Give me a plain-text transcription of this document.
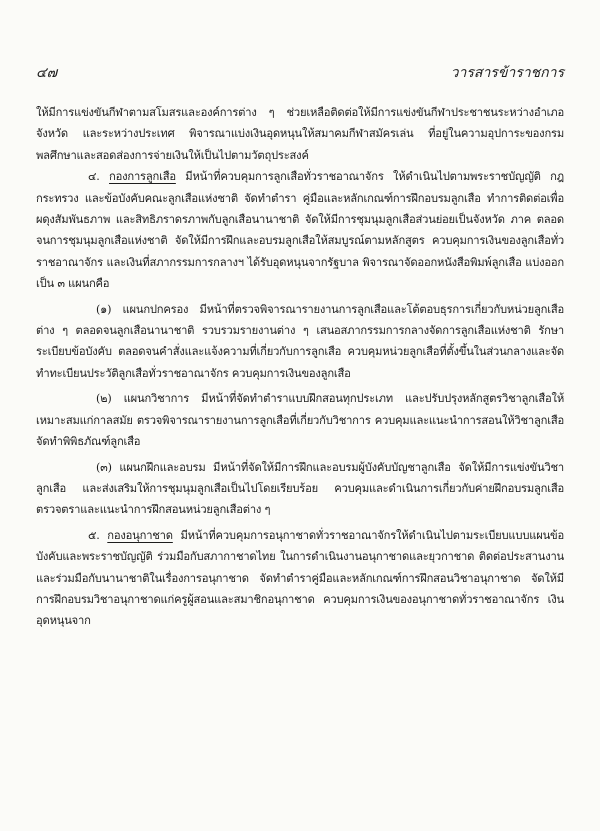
๔๗	วารสารข้าราชการ

ให้มีการแข่งขันกีฬาตามสโมสรและองค์การต่าง ๆ ช่วยเหลือติดต่อให้มีการแข่งขันกีฬาประชาชนระหว่างอำเภอ จังหวัด และระหว่างประเทศ พิจารณาแบ่งเงินอุดหนุนให้สมาคมกีฬาสมัครเล่น ที่อยู่ในความอุปการะของกรมพลศึกษาและสอดส่องการจ่ายเงินให้เป็นไปตามวัตถุประสงค์

๔. กองการลูกเสือ มีหน้าที่ควบคุมการลูกเสือทั่วราชอาณาจักร ให้ดำเนินไปตามพระราชบัญญัติ กฎกระทรวง และข้อบังคับคณะลูกเสือแห่งชาติ จัดทำตำรา คู่มือและหลักเกณฑ์การฝึกอบรมลูกเสือ ทำการติดต่อเพื่อผดุงสัมพันธภาพ และสิทธิภราดรภาพกับลูกเสือนานาชาติ จัดให้มีการชุมนุมลูกเสือส่วนย่อยเป็นจังหวัด ภาค ตลอดจนการชุมนุมลูกเสือแห่งชาติ จัดให้มีการฝึกและอบรมลูกเสือให้สมบูรณ์ตามหลักสูตร ควบคุมการเงินของลูกเสือทั่วราชอาณาจักร และเงินที่สภากรรมการกลางฯ ได้รับอุดหนุนจากรัฐบาล พิจารณาจัดออกหนังสือพิมพ์ลูกเสือ แบ่งออกเป็น ๓ แผนกคือ

(๑) แผนกปกครอง มีหน้าที่ตรวจพิจารณารายงานการลูกเสือและโต้ตอบธุรการเกี่ยวกับหน่วยลูกเสือต่าง ๆ ตลอดจนลูกเสือนานาชาติ รวบรวมรายงานต่าง ๆ เสนอสภากรรมการกลางจัดการลูกเสือแห่งชาติ รักษาระเบียบข้อบังคับ ตลอดจนคำสั่งและแจ้งความที่เกี่ยวกับการลูกเสือ ควบคุมหน่วยลูกเสือที่ตั้งขึ้นในส่วนกลางและจัดทำทะเบียนประวัติลูกเสือทั่วราชอาณาจักร ควบคุมการเงินของลูกเสือ

(๒) แผนกวิชาการ มีหน้าที่จัดทำตำราแบบฝึกสอนทุกประเภท และปรับปรุงหลักสูตรวิชาลูกเสือให้เหมาะสมแก่กาลสมัย ตรวจพิจารณารายงานการลูกเสือที่เกี่ยวกับวิชาการ ควบคุมและแนะนำการสอนให้วิชาลูกเสือ จัดทำพิพิธภัณฑ์ลูกเสือ

(๓) แผนกฝึกและอบรม มีหน้าที่จัดให้มีการฝึกและอบรมผู้บังคับบัญชาลูกเสือ จัดให้มีการแข่งขันวิชาลูกเสือ และส่งเสริมให้การชุมนุมลูกเสือเป็นไปโดยเรียบร้อย ควบคุมและดำเนินการเกี่ยวกับค่ายฝึกอบรมลูกเสือ ตรวจตราและแนะนำการฝึกสอนหน่วยลูกเสือต่าง ๆ

๕. กองอนุกาชาด มีหน้าที่ควบคุมการอนุกาชาดทั่วราชอาณาจักรให้ดำเนินไปตามระเบียบแบบแผนข้อบังคับและพระราชบัญญัติ ร่วมมือกับสภากาชาดไทย ในการดำเนินงานอนุกาชาดและยุวกาชาด ติดต่อประสานงานและร่วมมือกับนานาชาติในเรื่องการอนุกาชาด จัดทำตำราคู่มือและหลักเกณฑ์การฝึกสอนวิชาอนุกาชาด จัดให้มีการฝึกอบรมวิชาอนุกาชาดแก่ครูผู้สอนและสมาชิกอนุกาชาด ควบคุมการเงินของอนุกาชาดทั่วราชอาณาจักร เงินอุดหนุนจาก
